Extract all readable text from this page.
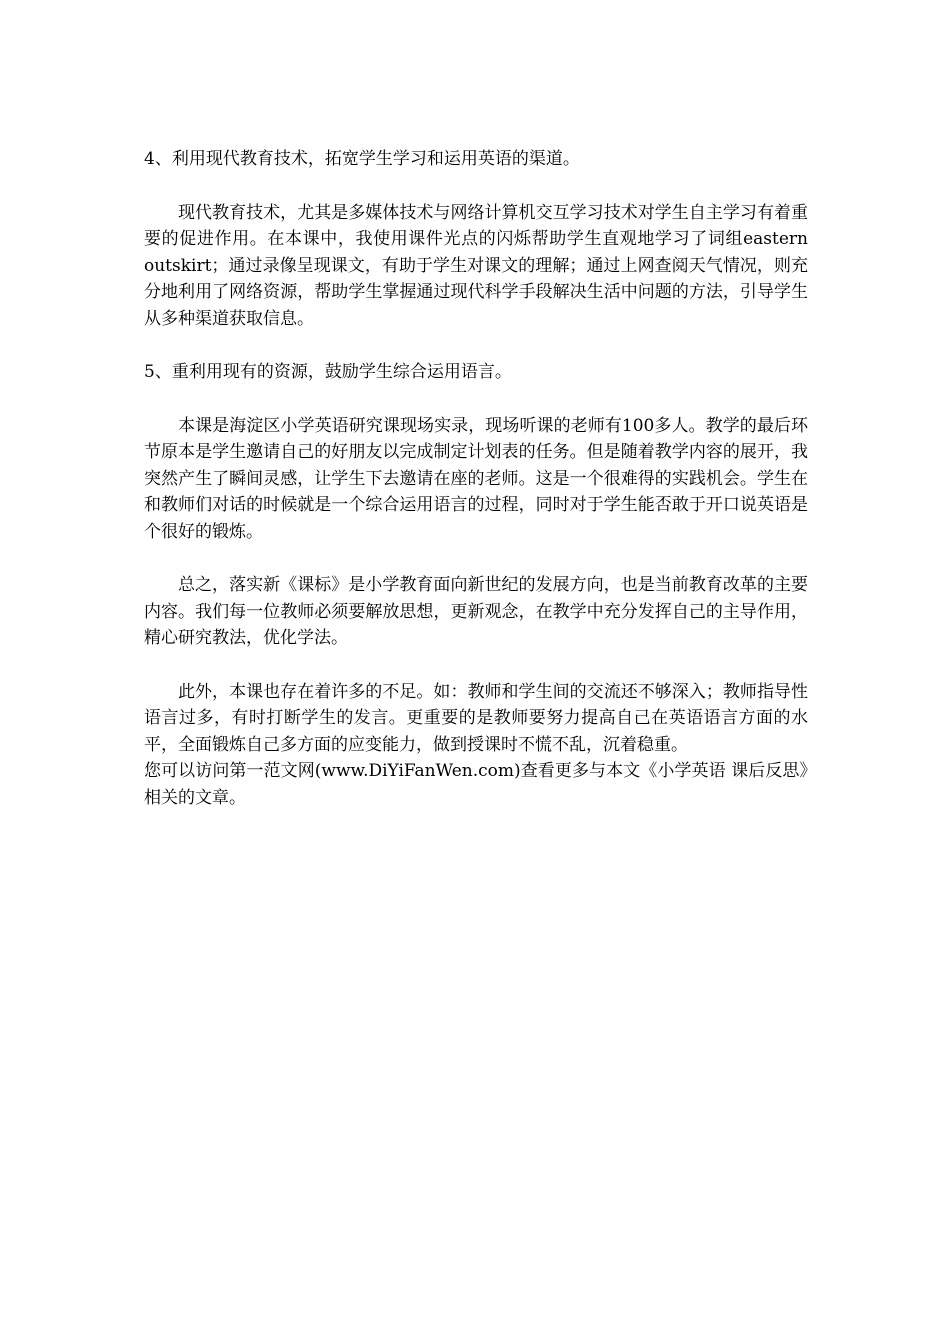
4、利用现代教育技术，拓宽学生学习和运用英语的渠道。

现代教育技术，尤其是多媒体技术与网络计算机交互学习技术对学生自主学习有着重要的促进作用。在本课中，我使用课件光点的闪烁帮助学生直观地学习了词组eastern outskirt；通过录像呈现课文，有助于学生对课文的理解；通过上网查阅天气情况，则充分地利用了网络资源，帮助学生掌握通过现代科学手段解决生活中问题的方法，引导学生从多种渠道获取信息。

5、重利用现有的资源，鼓励学生综合运用语言。

本课是海淀区小学英语研究课现场实录，现场听课的老师有100多人。教学的最后环节原本是学生邀请自己的好朋友以完成制定计划表的任务。但是随着教学内容的展开，我突然产生了瞬间灵感，让学生下去邀请在座的老师。这是一个很难得的实践机会。学生在和教师们对话的时候就是一个综合运用语言的过程，同时对于学生能否敢于开口说英语是个很好的锻炼。

总之，落实新《课标》是小学教育面向新世纪的发展方向，也是当前教育改革的主要内容。我们每一位教师必须要解放思想，更新观念，在教学中充分发挥自己的主导作用，精心研究教法，优化学法。

此外，本课也存在着许多的不足。如：教师和学生间的交流还不够深入；教师指导性语言过多，有时打断学生的发言。更重要的是教师要努力提高自己在英语语言方面的水平，全面锻炼自己多方面的应变能力，做到授课时不慌不乱，沉着稳重。

您可以访问第一范文网(www.DiYiFanWen.com)查看更多与本文《小学英语 课后反思》相关的文章。
